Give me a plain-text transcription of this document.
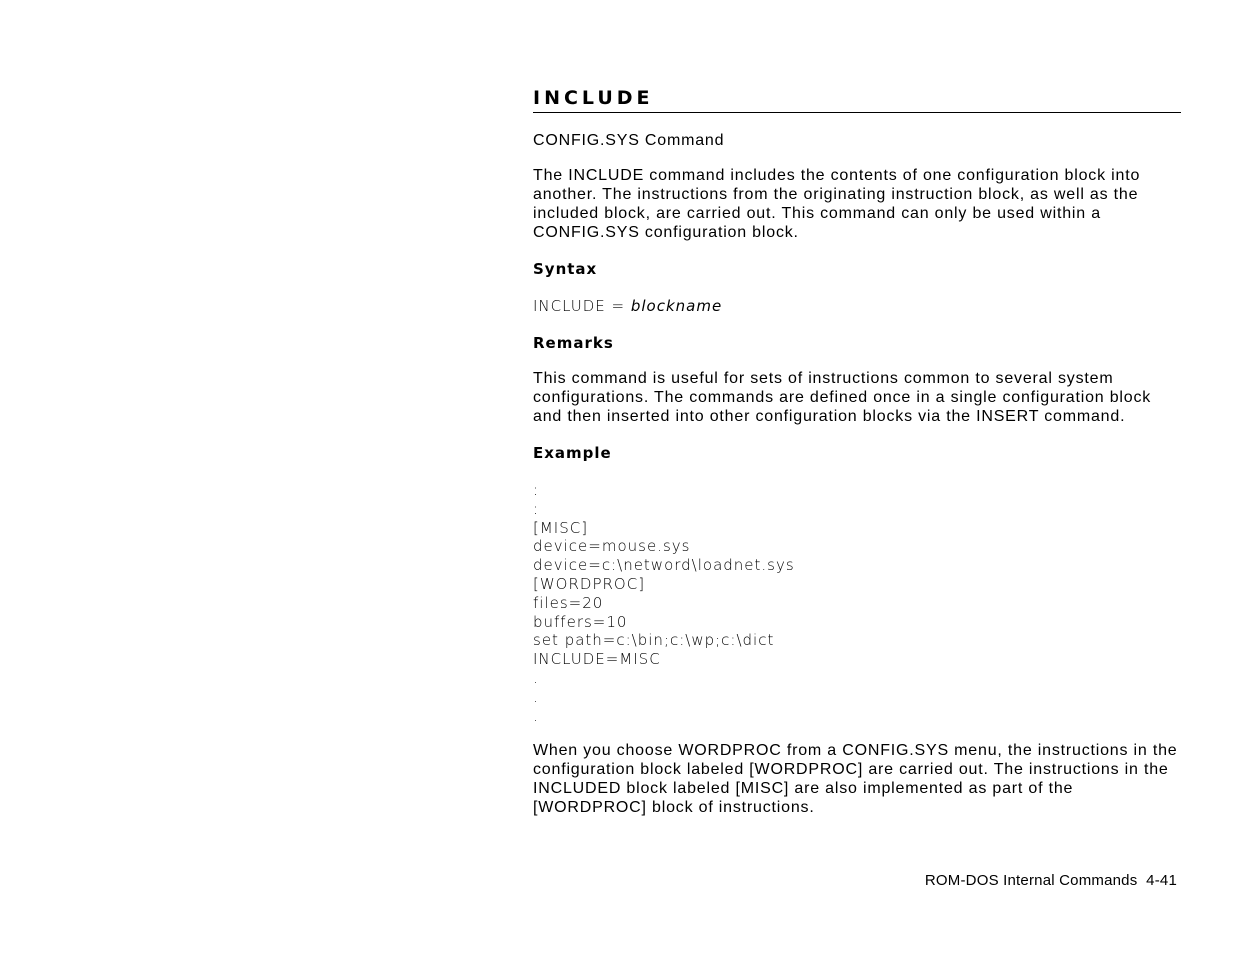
INCLUDE

CONFIG.SYS Command

The INCLUDE command includes the contents of one configuration block into another. The instructions from the originating instruction block, as well as the included block, are carried out. This command can only be used within a CONFIG.SYS configuration block.

Syntax

INCLUDE = blockname

Remarks

This command is useful for sets of instructions common to several system configurations. The commands are defined once in a single configuration block and then inserted into other configuration blocks via the INSERT command.

Example
:
:
[MISC]
device=mouse.sys
device=c:\netword\loadnet.sys
[WORDPROC]
files=20
buffers=10
set path=c:\bin;c:\wp;c:\dict
INCLUDE=MISC
.
.
.

When you choose WORDPROC from a CONFIG.SYS menu, the instructions in the configuration block labeled [WORDPROC] are carried out. The instructions in the INCLUDED block labeled [MISC] are also implemented as part of the [WORDPROC] block of instructions.

ROM-DOS Internal Commands  4-41
